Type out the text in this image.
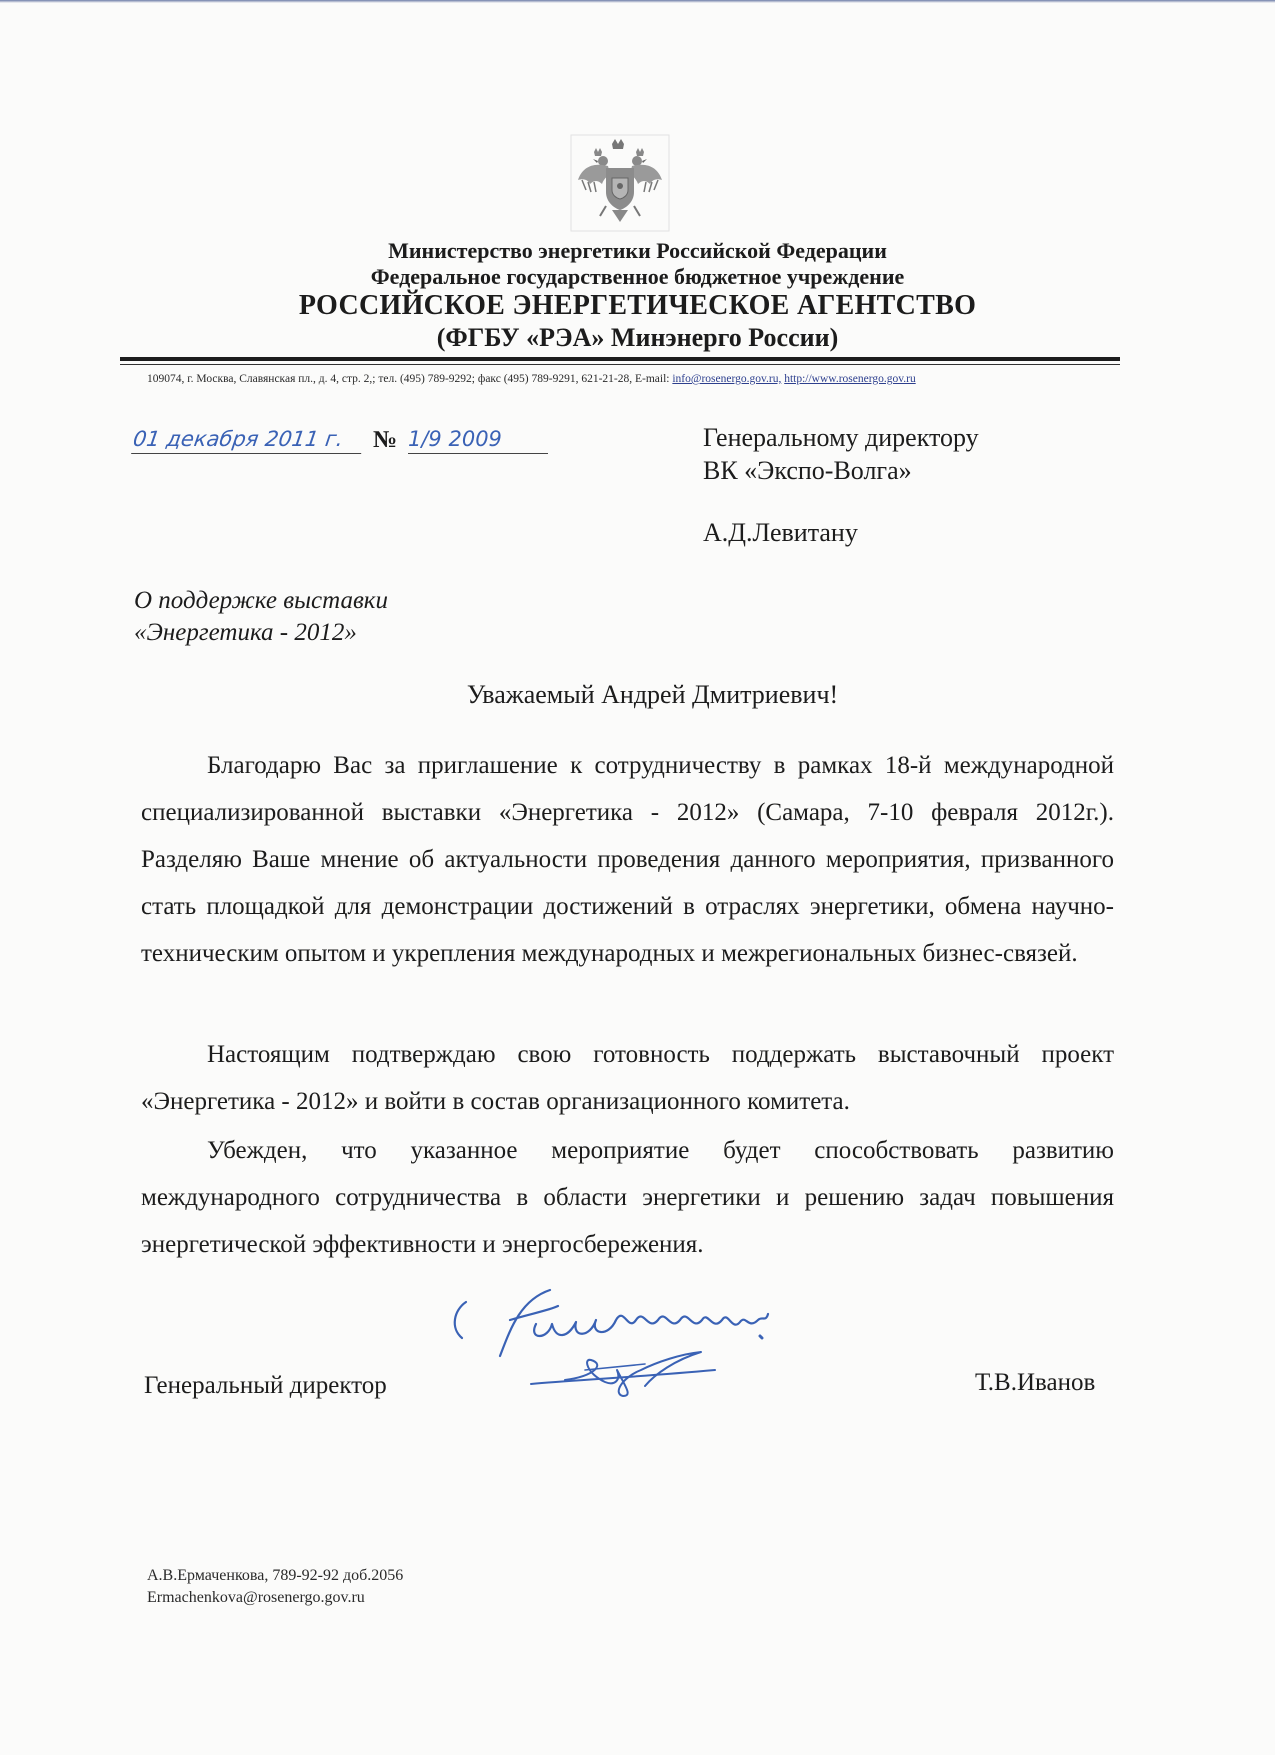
Министерство энергетики Российской Федерации
Федеральное государственное бюджетное учреждение
РОССИЙСКОЕ ЭНЕРГЕТИЧЕСКОЕ АГЕНТСТВО
(ФГБУ «РЭА» Минэнерго России)
109074, г. Москва, Славянская пл., д. 4, стр. 2,; тел. (495) 789-9292; факс (495) 789-9291, 621-21-28, E-mail: info@rosenergo.gov.ru, http://www.rosenergo.gov.ru
01 декабря 2011 г.	№ 1/9 2009	Генеральному директору
ВК «Экспо-Волга»
А.Д.Левитану
О поддержке выставки
«Энергетика - 2012»
Уважаемый Андрей Дмитриевич!

Благодарю Вас за приглашение к сотрудничеству в рамках 18-й международной специализированной выставки «Энергетика - 2012» (Самара, 7-10 февраля 2012г.). Разделяю Ваше мнение об актуальности проведения данного мероприятия, призванного стать площадкой для демонстрации достижений в отраслях энергетики, обмена научно-техническим опытом и укрепления международных и межрегиональных бизнес-связей.

Настоящим подтверждаю свою готовность поддержать выставочный проект «Энергетика - 2012» и войти в состав организационного комитета.

Убежден, что указанное мероприятие будет способствовать развитию международного сотрудничества в области энергетики и решению задач повышения энергетической эффективности и энергосбережения.

Генеральный директор	Т.В.Иванов
А.В.Ермаченкова, 789-92-92 доб.2056
Ermachenkova@rosenergo.gov.ru
